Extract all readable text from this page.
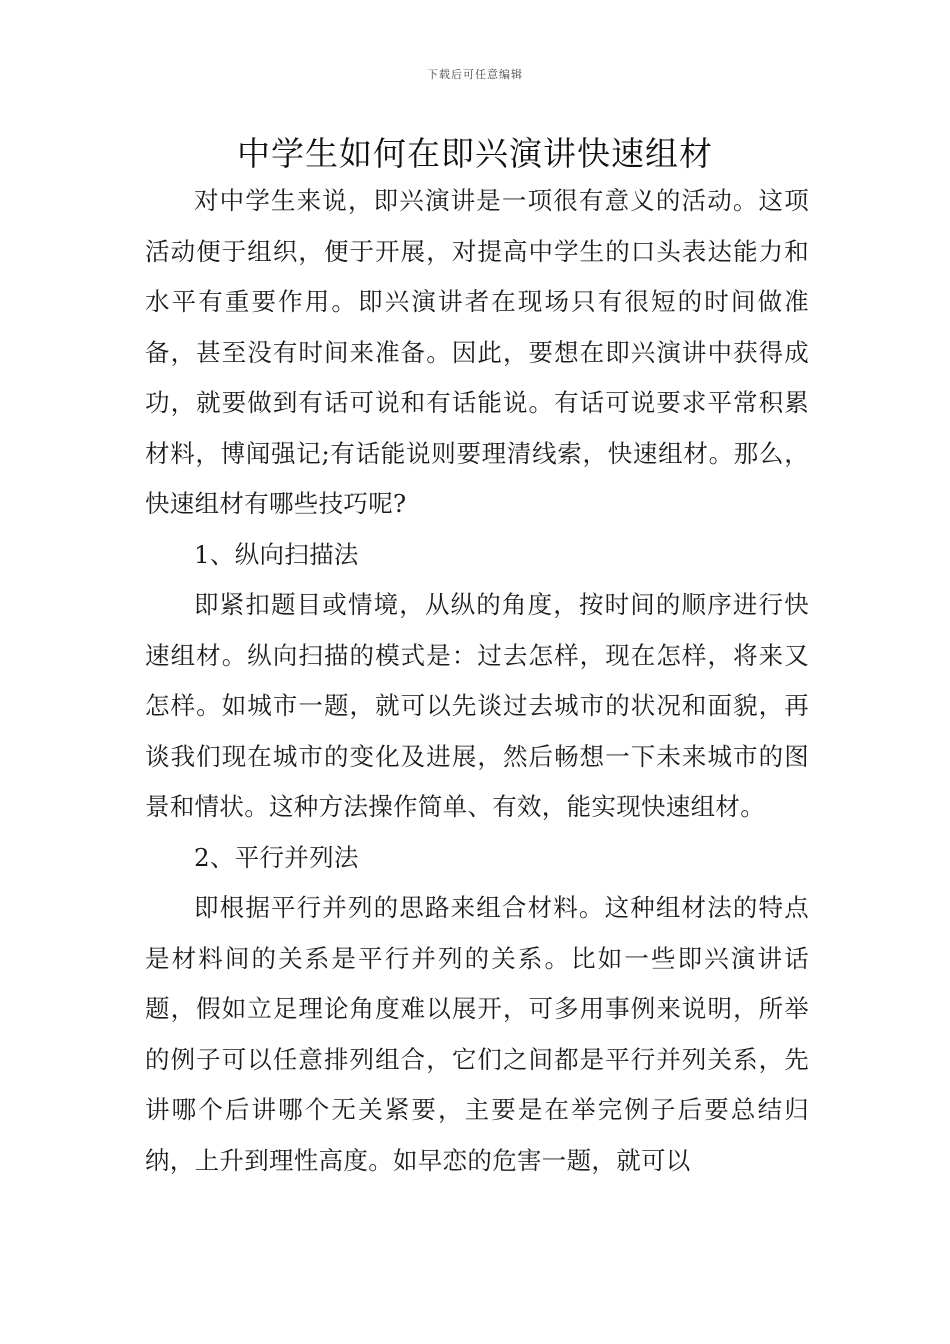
下载后可任意编辑
中学生如何在即兴演讲快速组材

对中学生来说，即兴演讲是一项很有意义的活动。这项活动便于组织，便于开展，对提高中学生的口头表达能力和水平有重要作用。即兴演讲者在现场只有很短的时间做准备，甚至没有时间来准备。因此，要想在即兴演讲中获得成功，就要做到有话可说和有话能说。有话可说要求平常积累材料，博闻强记;有话能说则要理清线索，快速组材。那么，快速组材有哪些技巧呢?

1、纵向扫描法

即紧扣题目或情境，从纵的角度，按时间的顺序进行快速组材。纵向扫描的模式是：过去怎样，现在怎样，将来又怎样。如城市一题，就可以先谈过去城市的状况和面貌，再谈我们现在城市的变化及进展，然后畅想一下未来城市的图景和情状。这种方法操作简单、有效，能实现快速组材。

2、平行并列法

即根据平行并列的思路来组合材料。这种组材法的特点是材料间的关系是平行并列的关系。比如一些即兴演讲话题，假如立足理论角度难以展开，可多用事例来说明，所举的例子可以任意排列组合，它们之间都是平行并列关系，先讲哪个后讲哪个无关紧要，主要是在举完例子后要总结归纳，上升到理性高度。如早恋的危害一题，就可以
